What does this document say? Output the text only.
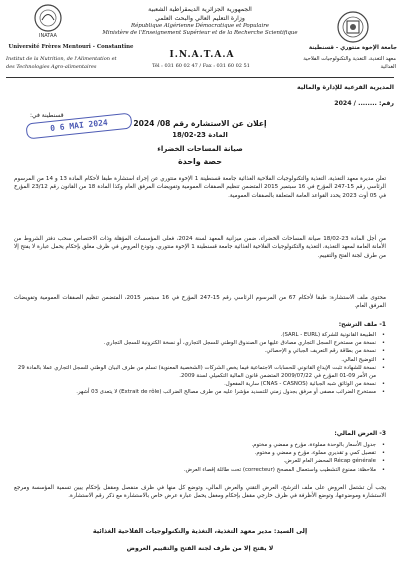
INATAA
الجمهورية الجزائرية الديمقراطية الشعبية
وزارة التعليم العالي والبحث العلمي
République Algérienne Démocratique et Populaire
Ministère de l'Enseignement Supérieur et de la Recherche Scientifique
Université Frères Mentouri - Constantine
Institut de la Nutrition, de l'Alimentation et des Technologies Agro-alimentaires
جامعة الإخوة منتوري - قسنطينة
معهد التغذية، التغذية والتكنولوجيات الفلاحية الغذائية
I.N.A.T.A.A
Tél : 031 60 02 47 / Fax : 031 60 02 51
المديرية الفرعية للإدارة والمالية
رقم: ........ / 2024
قسنطينة في:
0 6 MAI 2024	إعلان عن الاستشارة رقم 08/ 2024
المادة 23-18/02
صيانة المساحات الخضراء
حصة واحدة
تعلن مديرة معهد التغذية، التغذية والتكنولوجيات الفلاحية الغذائية جامعة قسنطينة 1 الإخوة منتوري عن إجراء استشارة طبقا لأحكام المادة 13 و 14 من المرسوم الرئاسي رقم 15-247 المؤرخ في 16 سبتمبر 2015 المتضمن تنظيم الصفقات العمومية وتفويضات المرفق العام وكذا المادة 18 من القانون رقم 23/12 المؤرخ في 05 أوت 2023 يحدد القواعد العامة المتعلقة بالصفقات العمومية.
من أجل المادة 23-18/02 صيانة المساحات الخضراء، ضمن ميزانية المعهد لسنة 2024، فعلى المؤسسات المؤهلة وذات الاختصاص سحب دفتر الشروط من الأمانة العامة لمعهد التغذية، التغذية والتكنولوجيات الفلاحية الغذائية جامعة قسنطينة 1 الإخوة منتوري، وتودع العروض في ظرف مغلق بإحكام يحمل عبارة لا يفتح إلا من طرف لجنة الفتح والتقييم.
محتوى ملف الاستشارة: طبقا لأحكام 67 من المرسوم الرئاسي رقم 15-247 المؤرخ في 16 سبتمبر 2015، المتضمن تنظيم الصفقات العمومية وتفويضات المرفق العام.
1- ملف الترشح:
• الطبيعة القانونية للشركة (SARL - EURL).
• نسخة من مستخرج السجل التجاري مصادق عليها من الصندوق الوطني للسجل التجاري، أو نسخة الكترونية للسجل التجاري.
• نسخة من بطاقة رقم التعريف الجبائي و الإحصائي.
• التوضيح المالي.
• نسخة للشهادة تثبت الإيداع القانوني للحسابات الاجتماعية فيما يخص الشركات (الشخصية المعنوية) تسلم من طرف البيان الوطني للسجل التجاري عملا بالمادة 29 من الأمر 09-01 المؤرخ في 2009/07/22 المتضمن قانون المالية التكميلي لسنة 2009.
• نسخة من الوثائق شبه الجبائية (CNAS - CASNOS) سارية المفعول.
• مستخرج الضرائب مصفى أو مرفق بجدول زمني للتسديد مؤشرا عليه من طرف مصالح الضرائب (Extrait de rôle) لا يتعدى 03 أشهر.
3- العرض المالي:
• جدول الأسعار بالوحدة مملوءة، مؤرخ و ممضي و مختوم.
• تفصيل كمي و تقديري مملوء، مؤرخ و ممضي و مختوم.
• Récap générale المحضر العام للعرض.
• ملاحظة: ممنوع التشطيب واستعمال المصحح (correcteur) تحت طائلة إقصاء العرض.
يجب أن تشتمل العروض على ملف الترشح، العرض التقني والعرض المالي، وتوضع كل منها في ظرف منفصل ومقفل بإحكام يبين تسمية المؤسسة ومرجع الاستشارة وموضوعها، وتوضع الأظرفة في ظرف خارجي مقفل بإحكام ومغفل يحمل عبارة عرض خاص بالاستشارة مع ذكر رقم الاستشارة.
إلى السيد: مدير معهد التغذية، التغذية والتكنولوجيات الفلاحية الغذائية
لا يفتح إلا من طرف لجنة الفتح والتقييم العروض
